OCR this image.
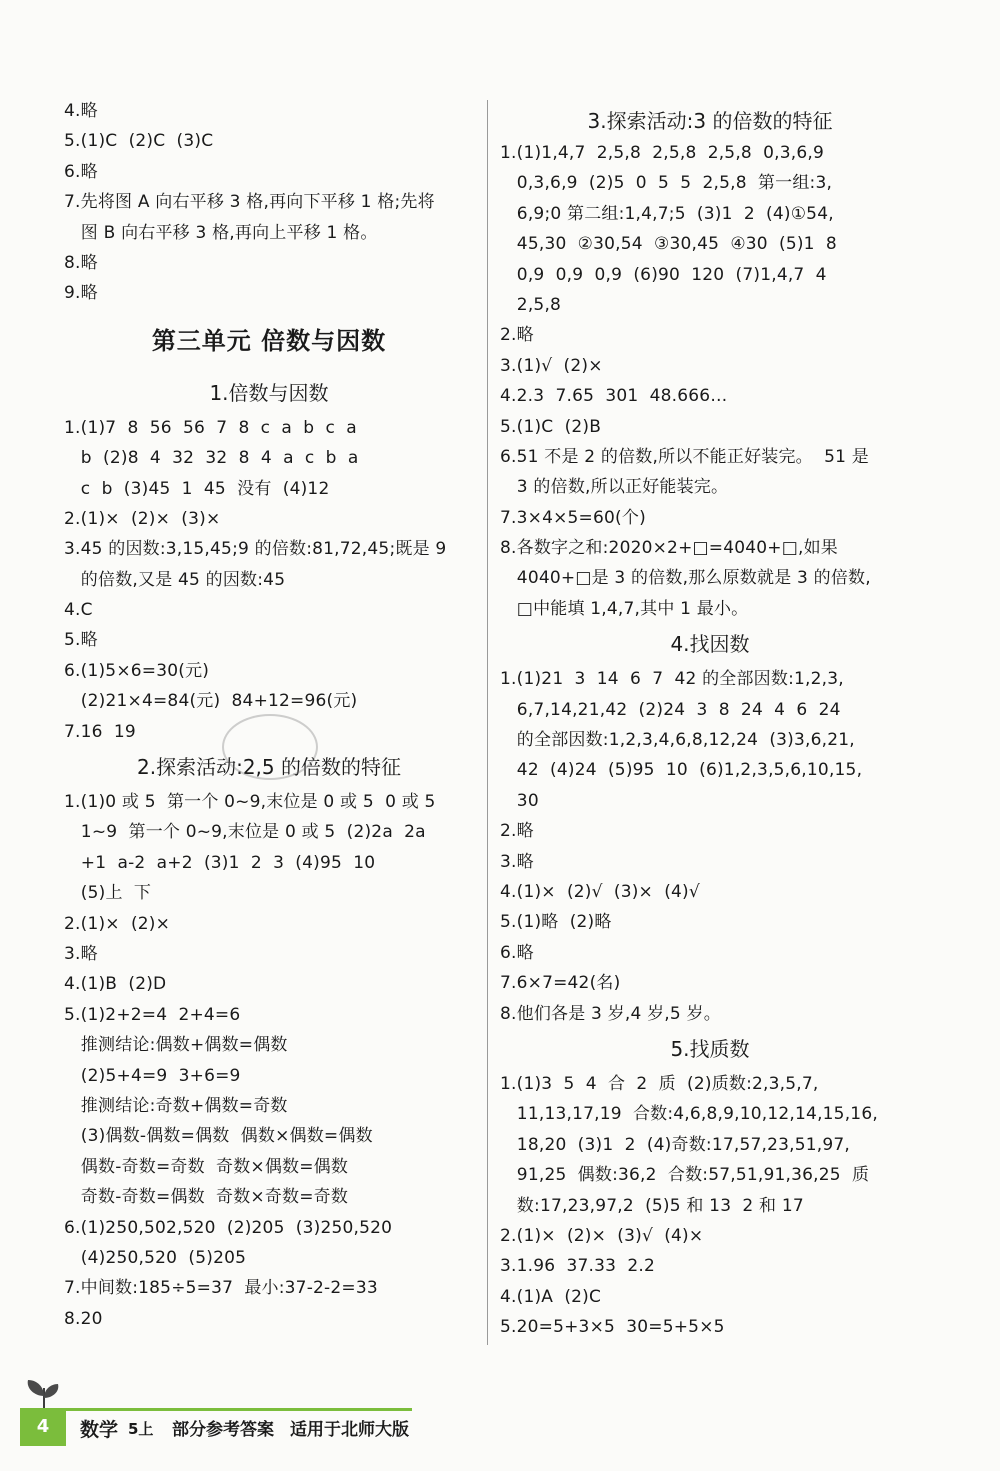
4.略
5.(1)C  (2)C  (3)C
6.略
7.先将图 A 向右平移 3 格,再向下平移 1 格;先将
图 B 向右平移 3 格,再向上平移 1 格。
8.略
9.略
第三单元 倍数与因数
1.倍数与因数
1.(1)7  8  56  56  7  8  c  a  b  c  a
b  (2)8  4  32  32  8  4  a  c  b  a
c  b  (3)45  1  45  没有  (4)12
2.(1)×  (2)×  (3)×
3.45 的因数:3,15,45;9 的倍数:81,72,45;既是 9
的倍数,又是 45 的因数:45
4.C
5.略
6.(1)5×6=30(元)
(2)21×4=84(元)  84+12=96(元)
7.16  19
2.探索活动:2,5 的倍数的特征
1.(1)0 或 5  第一个 0~9,末位是 0 或 5  0 或 5
1~9  第一个 0~9,末位是 0 或 5  (2)2a  2a
+1  a-2  a+2  (3)1  2  3  (4)95  10
(5)上  下
2.(1)×  (2)×
3.略
4.(1)B  (2)D
5.(1)2+2=4  2+4=6
推测结论:偶数+偶数=偶数
(2)5+4=9  3+6=9
推测结论:奇数+偶数=奇数
(3)偶数-偶数=偶数  偶数×偶数=偶数
偶数-奇数=奇数  奇数×偶数=偶数
奇数-奇数=偶数  奇数×奇数=奇数
6.(1)250,502,520  (2)205  (3)250,520
(4)250,520  (5)205
7.中间数:185÷5=37  最小:37-2-2=33
8.20
3.探索活动:3 的倍数的特征
1.(1)1,4,7  2,5,8  2,5,8  2,5,8  0,3,6,9
0,3,6,9  (2)5  0  5  5  2,5,8  第一组:3,
6,9;0 第二组:1,4,7;5  (3)1  2  (4)①54,
45,30  ②30,54  ③30,45  ④30  (5)1  8
0,9  0,9  0,9  (6)90  120  (7)1,4,7  4
2,5,8
2.略
3.(1)√  (2)×
4.2.3  7.65  301  48.666…
5.(1)C  (2)B
6.51 不是 2 的倍数,所以不能正好装完。  51 是
3 的倍数,所以正好能装完。
7.3×4×5=60(个)
8.各数字之和:2020×2+□=4040+□,如果
4040+□是 3 的倍数,那么原数就是 3 的倍数,
□中能填 1,4,7,其中 1 最小。
4.找因数
1.(1)21  3  14  6  7  42 的全部因数:1,2,3,
6,7,14,21,42  (2)24  3  8  24  4  6  24
的全部因数:1,2,3,4,6,8,12,24  (3)3,6,21,
42  (4)24  (5)95  10  (6)1,2,3,5,6,10,15,
30
2.略
3.略
4.(1)×  (2)√  (3)×  (4)√
5.(1)略  (2)略
6.略
7.6×7=42(名)
8.他们各是 3 岁,4 岁,5 岁。
5.找质数
1.(1)3  5  4  合  2  质  (2)质数:2,3,5,7,
11,13,17,19  合数:4,6,8,9,10,12,14,15,16,
18,20  (3)1  2  (4)奇数:17,57,23,51,97,
91,25  偶数:36,2  合数:57,51,91,36,25  质
数:17,23,97,2  (5)5 和 13  2 和 17
2.(1)×  (2)×  (3)√  (4)×
3.1.96  37.33  2.2
4.(1)A  (2)C
5.20=5+3×5  30=5+5×5
4	数学 5上 部分参考答案 适用于北师大版
